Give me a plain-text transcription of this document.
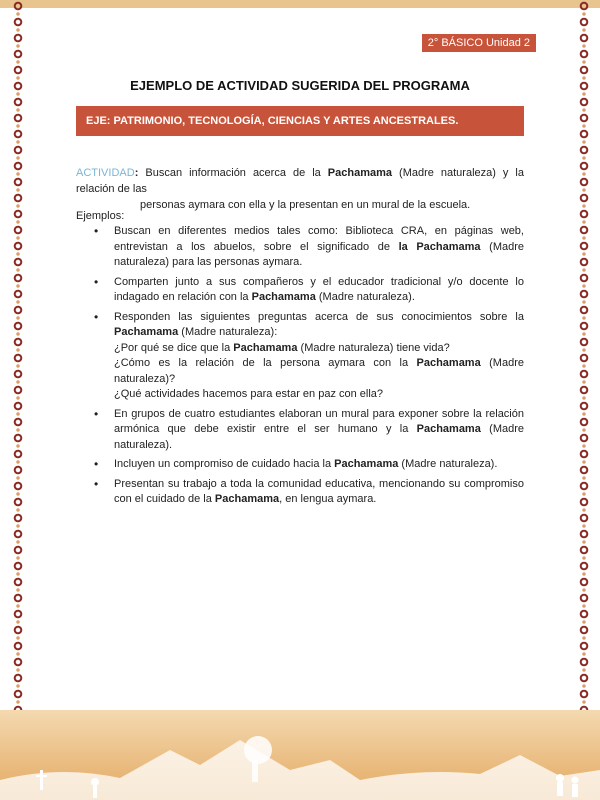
2° BÁSICO Unidad 2
EJEMPLO DE ACTIVIDAD SUGERIDA DEL PROGRAMA
EJE: PATRIMONIO, TECNOLOGÍA, CIENCIAS Y ARTES ANCESTRALES.
ACTIVIDAD: Buscan información acerca de la Pachamama (Madre naturaleza) y la relación de las
personas aymara con ella y la presentan en un mural de la escuela.
Ejemplos:
• Buscan en diferentes medios tales como: Biblioteca CRA, en páginas web, entrevistan a los abuelos, sobre el significado de la Pachamama (Madre naturaleza) para las personas aymara.
• Comparten junto a sus compañeros y el educador tradicional y/o docente lo indagado en relación con la Pachamama (Madre naturaleza).
• Responden las siguientes preguntas acerca de sus conocimientos sobre la Pachamama (Madre naturaleza):
¿Por qué se dice que la Pachamama (Madre naturaleza) tiene vida?
¿Cómo es la relación de la persona aymara con la Pachamama (Madre naturaleza)?
¿Qué actividades hacemos para estar en paz con ella?
• En grupos de cuatro estudiantes elaboran un mural para exponer sobre la relación armónica que debe existir entre el ser humano y la Pachamama (Madre naturaleza).
• Incluyen un compromiso de cuidado hacia la Pachamama (Madre naturaleza).
• Presentan su trabajo a toda la comunidad educativa, mencionando su compromiso con el cuidado de la Pachamama, en lengua aymara.
